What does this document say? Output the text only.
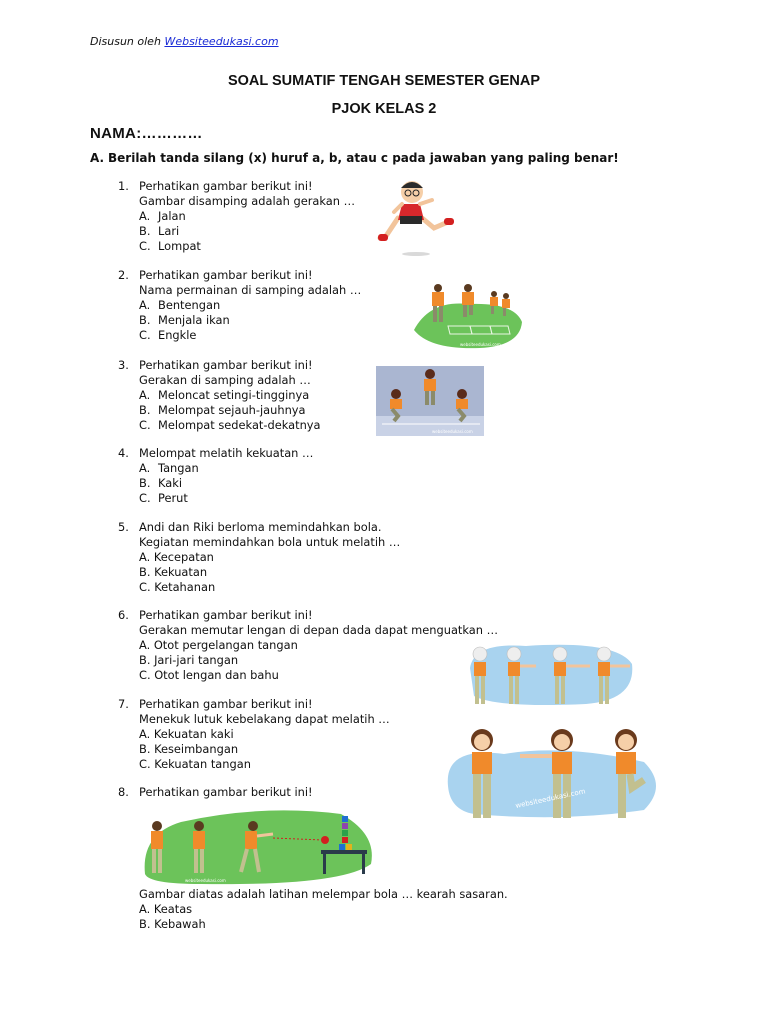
Disusun oleh Websiteedukasi.com
SOAL SUMATIF TENGAH SEMESTER GENAP
PJOK KELAS 2
NAMA:…………
A. Berilah tanda silang (x) huruf a, b, atau c pada jawaban yang paling benar!
1. Perhatikan gambar berikut ini!
Gambar disamping adalah gerakan …
A. Jalan
B. Lari
C. Lompat
2. Perhatikan gambar berikut ini!
Nama permainan di samping adalah …
A. Bentengan
B. Menjala ikan
C. Engkle
3. Perhatikan gambar berikut ini!
Gerakan di samping adalah …
A. Meloncat setingi-tingginya
B. Melompat sejauh-jauhnya
C. Melompat sedekat-dekatnya
4. Melompat melatih kekuatan …
A. Tangan
B. Kaki
C. Perut
5. Andi dan Riki berloma memindahkan bola.
Kegiatan memindahkan bola untuk melatih …
A. Kecepatan
B. Kekuatan
C. Ketahanan
6. Perhatikan gambar berikut ini!
Gerakan memutar lengan di depan dada dapat menguatkan …
A. Otot pergelangan tangan
B. Jari-jari tangan
C. Otot lengan dan bahu
7. Perhatikan gambar berikut ini!
Menekuk lutuk kebelakang dapat melatih …
A. Kekuatan kaki
B. Keseimbangan
C. Kekuatan tangan
8. Perhatikan gambar berikut ini!
Gambar diatas adalah latihan melempar bola … kearah sasaran.
A. Keatas
B. Kebawah
websiteedukasi.com
websiteedukasi.com
websiteedukasi.com
websiteedukasi.com
